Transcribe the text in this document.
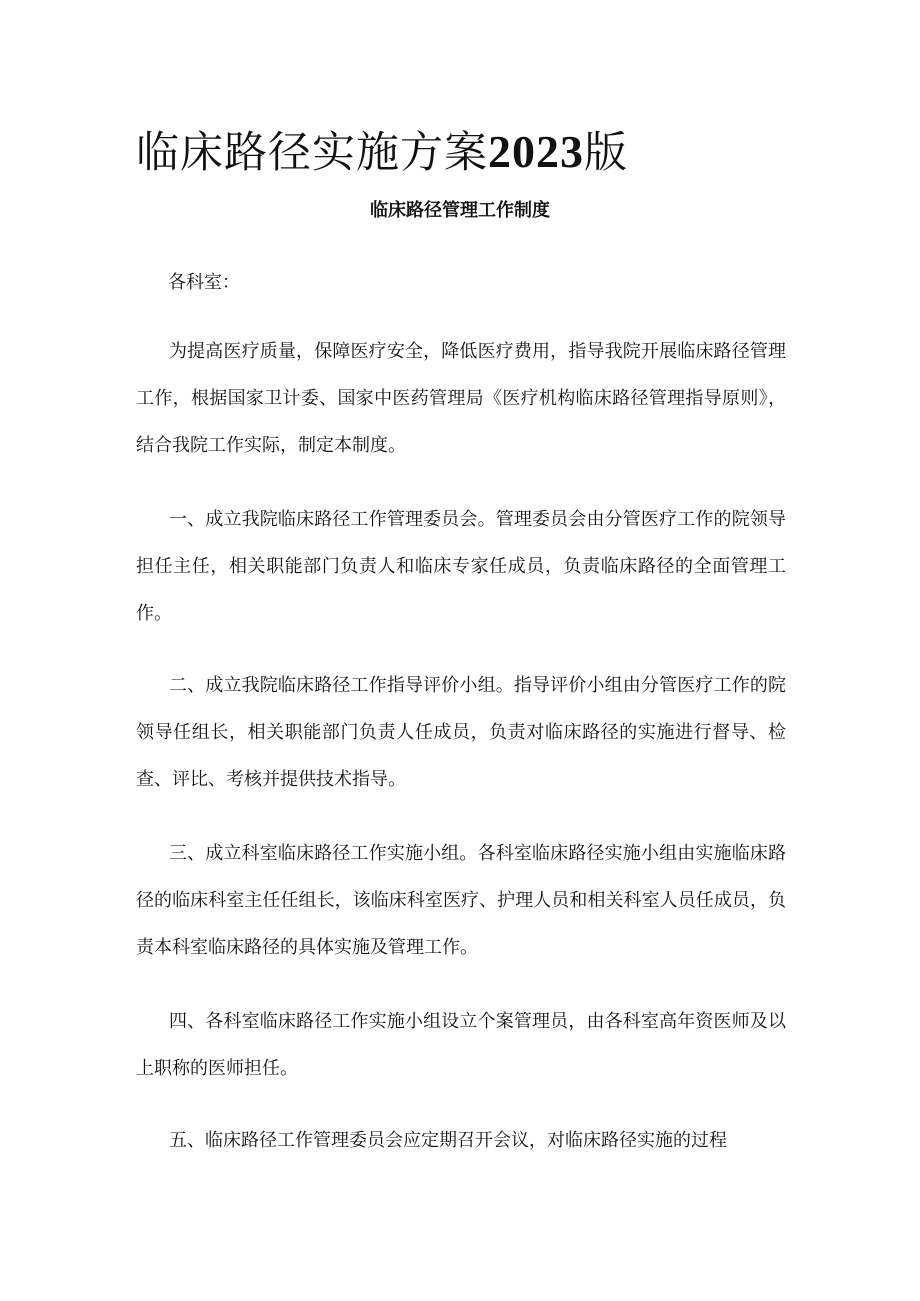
临床路径实施方案2023版
临床路径管理工作制度

各科室：

为提高医疗质量，保障医疗安全，降低医疗费用，指导我院开展临床路径管理工作，根据国家卫计委、国家中医药管理局《医疗机构临床路径管理指导原则》，结合我院工作实际，制定本制度。

一、成立我院临床路径工作管理委员会。管理委员会由分管医疗工作的院领导担任主任，相关职能部门负责人和临床专家任成员，负责临床路径的全面管理工作。

二、成立我院临床路径工作指导评价小组。指导评价小组由分管医疗工作的院领导任组长，相关职能部门负责人任成员，负责对临床路径的实施进行督导、检查、评比、考核并提供技术指导。

三、成立科室临床路径工作实施小组。各科室临床路径实施小组由实施临床路径的临床科室主任任组长，该临床科室医疗、护理人员和相关科室人员任成员，负责本科室临床路径的具体实施及管理工作。

四、各科室临床路径工作实施小组设立个案管理员，由各科室高年资医师及以上职称的医师担任。

五、临床路径工作管理委员会应定期召开会议，对临床路径实施的过程
